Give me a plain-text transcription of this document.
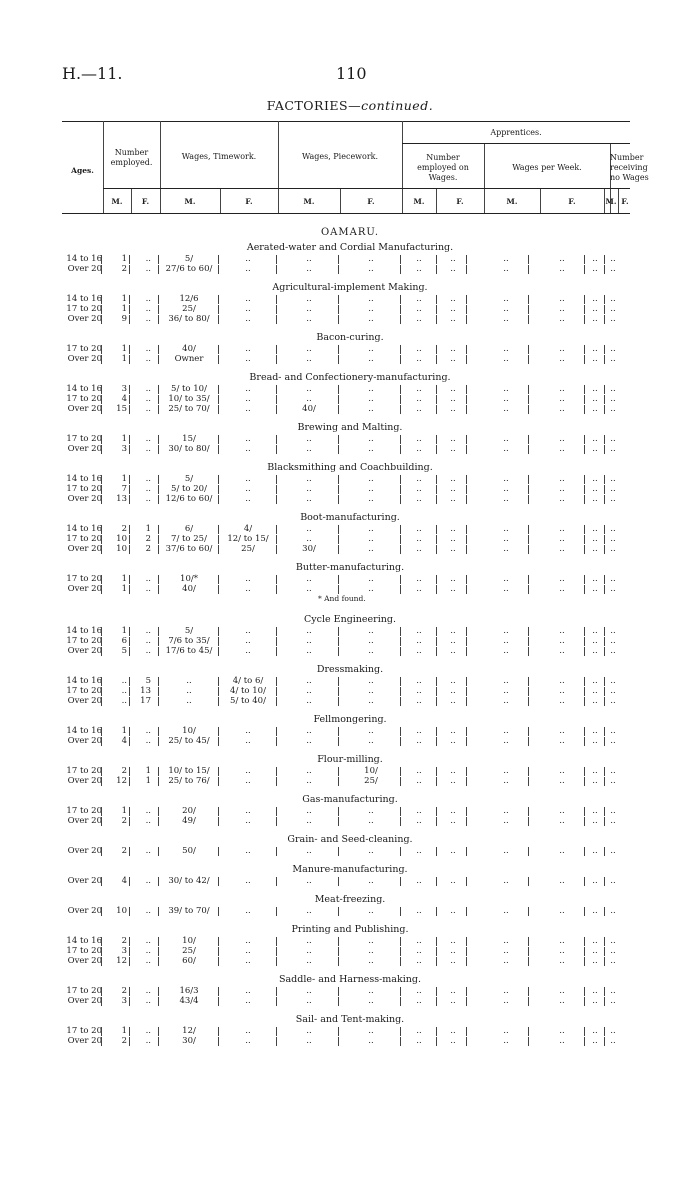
H.—11.	110
FACTORIES—continued.
Ages.
Number
employed.
Wages, Timework.	Wages, Piecework.
Apprentices.
Number
employed on
Wages.
Wages per Week.
Number
receiving
no Wages
M.	F.	M.	F.	M.	F.	M.	F.	M.	F.	M. F.
OAMARU.
Aerated-water and Cordial Manufacturing.
14 to 16	1	..	5/	..	..	..	..	..	..	..	..	..
Over 20	2	..	27/6 to 60/	..	..	..	..	..	..	..	..	..
Agricultural-implement Making.
14 to 16	1	..	12/6	..	..	..	..	..	..	..	..	..
17 to 20	1	..	25/	..	..	..	..	..	..	..	..	..
Over 20	9	..	36/ to 80/	..	..	..	..	..	..	..	..	..
Bacon-curing.
17 to 20	1	..	40/	..	..	..	..	..	..	..	..	..
Over 20	1	..	Owner	..	..	..	..	..	..	..	..	..
Bread- and Confectionery-manufacturing.
14 to 16	3	..	5/ to 10/	..	..	..	..	..	..	..	..	..
17 to 20	4	..	10/ to 35/	..	..	..	..	..	..	..	..	..
Over 20	15	..	25/ to 70/	..	40/	..	..	..	..	..	..	..
Brewing and Malting.
17 to 20	1	..	15/	..	..	..	..	..	..	..	..	..
Over 20	3	..	30/ to 80/	..	..	..	..	..	..	..	..	..
Blacksmithing and Coachbuilding.
14 to 16	1	..	5/	..	..	..	..	..	..	..	..	..
17 to 20	7	..	5/ to 20/	..	..	..	..	..	..	..	..	..
Over 20	13	..	12/6 to 60/	..	..	..	..	..	..	..	..	..
Boot-manufacturing.
14 to 16	2	1	6/	4/	..	..	..	..	..	..	..	..
17 to 20	10	2	7/ to 25/	12/ to 15/	..	..	..	..	..	..	..	..
Over 20	10	2	37/6 to 60/	25/	30/	..	..	..	..	..	..	..
Butter-manufacturing.
17 to 20	1	..	10/*	..	..	..	..	..	..	..	..	..
Over 20	1	..	40/	..	..	..	..	..	..	..	..	..
* And found.
Cycle Engineering.
14 to 16	1	..	5/	..	..	..	..	..	..	..	..	..
17 to 20	6	..	7/6 to 35/	..	..	..	..	..	..	..	..	..
Over 20	5	..	17/6 to 45/	..	..	..	..	..	..	..	..	..
Dressmaking.
14 to 16	..	5	..	4/ to 6/	..	..	..	..	..	..	..	..
17 to 20	..	13	..	4/ to 10/	..	..	..	..	..	..	..	..
Over 20	..	17	..	5/ to 40/	..	..	..	..	..	..	..	..
Fellmongering.
14 to 16	1	..	10/	..	..	..	..	..	..	..	..	..
Over 20	4	..	25/ to 45/	..	..	..	..	..	..	..	..	..
Flour-milling.
17 to 20	2	1	10/ to 15/	..	..	10/	..	..	..	..	..	..
Over 20	12	1	25/ to 76/	..	..	25/	..	..	..	..	..	..
Gas-manufacturing.
17 to 20	1	..	20/	..	..	..	..	..	..	..	..	..
Over 20	2	..	49/	..	..	..	..	..	..	..	..	..
Grain- and Seed-cleaning.
Over 20	2	..	50/	..	..	..	..	..	..	..	..	..
Manure-manufacturing.
Over 20	4	..	30/ to 42/	..	..	..	..	..	..	..	..	..
Meat-freezing.
Over 20	10	..	39/ to 70/	..	..	..	..	..	..	..	..	..
Printing and Publishing.
14 to 16	2	..	10/	..	..	..	..	..	..	..	..	..
17 to 20	3	..	25/	..	..	..	..	..	..	..	..	..
Over 20	12	..	60/	..	..	..	..	..	..	..	..	..
Saddle- and Harness-making.
17 to 20	2	..	16/3	..	..	..	..	..	..	..	..	..
Over 20	3	..	43/4	..	..	..	..	..	..	..	..	..
Sail- and Tent-making.
17 to 20	1	..	12/	..	..	..	..	..	..	..	..	..
Over 20	2	..	30/	..	..	..	..	..	..	..	..	..
